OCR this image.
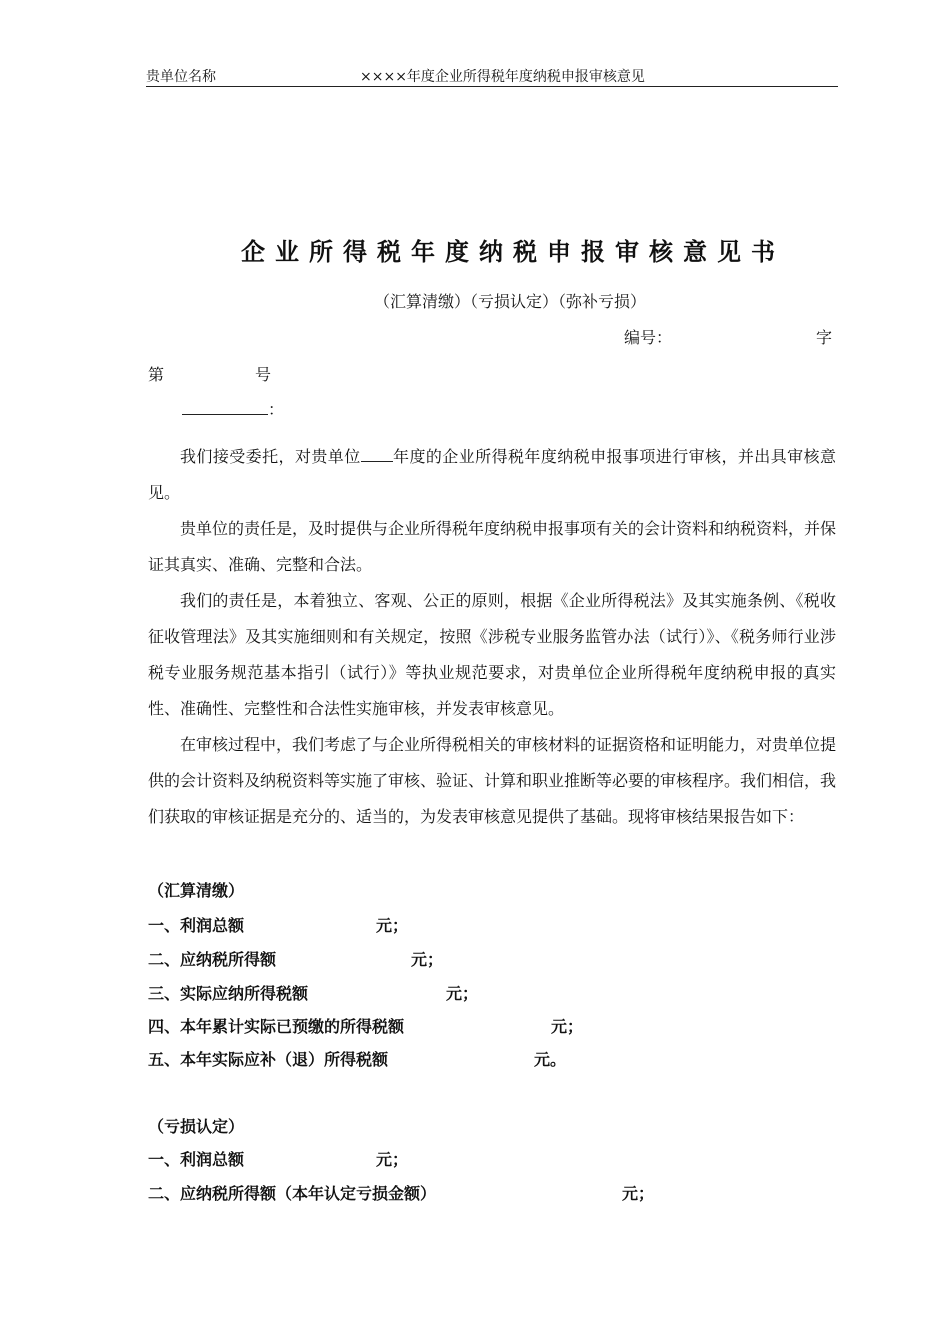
贵单位名称	××××年度企业所得税年度纳税申报审核意见
企业所得税年度纳税申报审核意见书
（汇算清缴）（亏损认定）（弥补亏损）
编号：	字
第	号
：
我们接受委托，对贵单位 年度的企业所得税年度纳税申报事项进行审核，并出具审核意见。
贵单位的责任是，及时提供与企业所得税年度纳税申报事项有关的会计资料和纳税资料，并保证其真实、准确、完整和合法。
我们的责任是，本着独立、客观、公正的原则，根据《企业所得税法》及其实施条例、《税收征收管理法》及其实施细则和有关规定，按照《涉税专业服务监管办法（试行）》、《税务师行业涉税专业服务规范基本指引（试行）》等执业规范要求，对贵单位企业所得税年度纳税申报的真实性、准确性、完整性和合法性实施审核，并发表审核意见。
在审核过程中，我们考虑了与企业所得税相关的审核材料的证据资格和证明能力，对贵单位提供的会计资料及纳税资料等实施了审核、验证、计算和职业推断等必要的审核程序。我们相信，我们获取的审核证据是充分的、适当的，为发表审核意见提供了基础。现将审核结果报告如下：
（汇算清缴）
一、利润总额	元；
二、应纳税所得额	元；
三、实际应纳所得税额	元；
四、本年累计实际已预缴的所得税额	元；
五、本年实际应补（退）所得税额	元。
（亏损认定）
一、利润总额	元；
二、应纳税所得额（本年认定亏损金额）	元；
